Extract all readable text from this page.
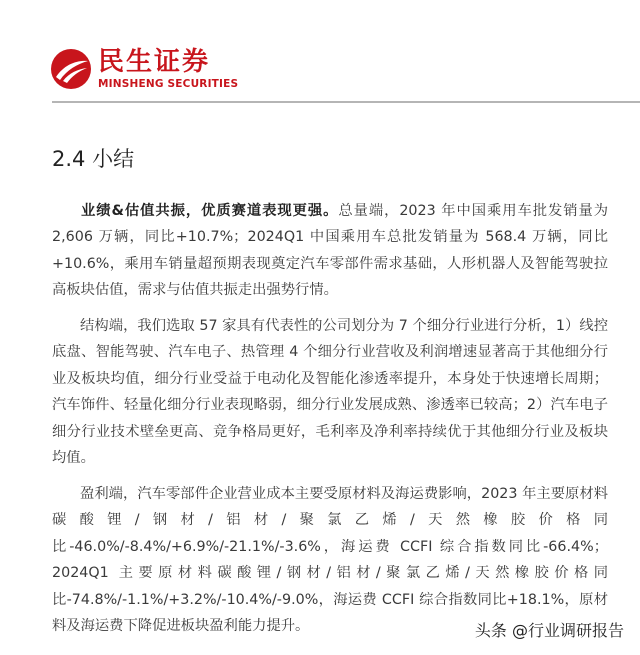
民生证券
MINSHENG SECURITIES
2.4 小结

业绩&估值共振，优质赛道表现更强。总量端，2023 年中国乘用车批发销量为 2,606 万辆，同比+10.7%；2024Q1 中国乘用车总批发销量为 568.4 万辆，同比+10.6%，乘用车销量超预期表现奠定汽车零部件需求基础，人形机器人及智能驾驶拉高板块估值，需求与估值共振走出强势行情。

结构端，我们选取 57 家具有代表性的公司划分为 7 个细分行业进行分析，1）线控底盘、智能驾驶、汽车电子、热管理 4 个细分行业营收及利润增速显著高于其他细分行业及板块均值，细分行业受益于电动化及智能化渗透率提升，本身处于快速增长周期；汽车饰件、轻量化细分行业表现略弱，细分行业发展成熟、渗透率已较高；2）汽车电子细分行业技术壁垒更高、竞争格局更好，毛利率及净利率持续优于其他细分行业及板块均值。

盈利端，汽车零部件企业营业成本主要受原材料及海运费影响，2023 年主要原材料碳酸锂/钢材/铝材/聚氯乙烯/天然橡胶价格同比-46.0%/-8.4%/+6.9%/-21.1%/-3.6%，海运费 CCFI 综合指数同比-66.4%；2024Q1 主要原材料碳酸锂/钢材/铝材/聚氯乙烯/天然橡胶价格同比-74.8%/-1.1%/+3.2%/-10.4%/-9.0%，海运费 CCFI 综合指数同比+18.1%，原材料及海运费下降促进板块盈利能力提升。	头条 @行业调研报告
